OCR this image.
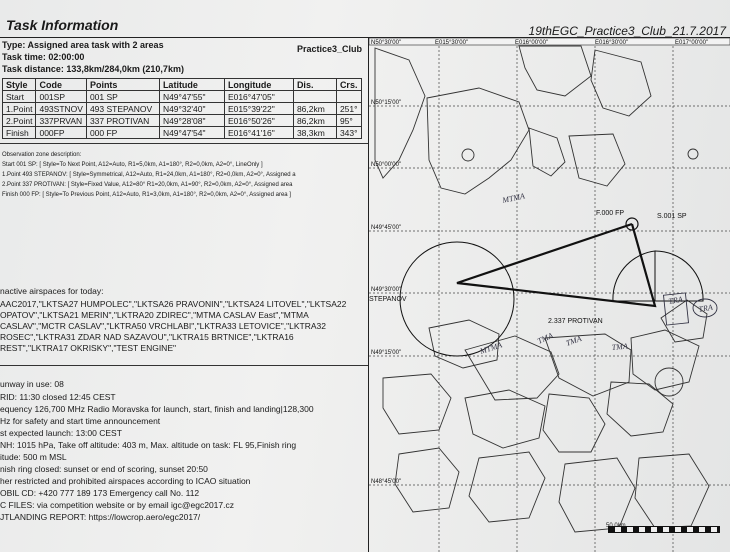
Task Information	19thEGC_Practice3_Club_21.7.2017
Type: Assigned area task with 2 areas	Practice3_Club
Task time: 02:00:00
Task distance: 133,8km/284,0km (210,7km)
Style	Code	Points	Latitude	Longitude	Dis.	Crs.
Start	001SP	001 SP	N49°47'55"	E016°47'05"		
1.Point	493STNOV	493 STEPANOV	N49°32'40"	E015°39'22"	86,2km	251°
2.Point	337PRVAN	337 PROTIVAN	N49°28'08"	E016°50'26"	86,2km	95°
Finish	000FP	000 FP	N49°47'54"	E016°41'16"	38,3km	343°
Observation zone description:
Start 001 SP: [ Style=To Next Point, A12=Auto, R1=5,0km, A1=180°, R2=0,0km, A2=0°, LineOnly ]
1.Point 493 STEPANOV: [ Style=Symmetrical, A12=Auto, R1=24,0km, A1=180°, R2=0,0km, A2=0°, Assigned a
2.Point 337 PROTIVAN: [ Style=Fixed Value, A12=80° R1=20,0km, A1=90°, R2=0,0km, A2=0°, Assigned area
Finish 000 FP: [ Style=To Previous Point, A12=Auto, R1=3,0km, A1=180°, R2=0,0km, A2=0°, Assigned area ]
nactive airspaces for today:
AAC2017,"LKTSA27 HUMPOLEC","LKTSA26 PRAVONIN","LKTSA24 LITOVEL","LKTSA22
OPATOV","LKTSA21 MERIN","LKTRA20 ZDIREC","MTMA CASLAV East","MTMA
CASLAV","MCTR CASLAV","LKTRA50 VRCHLABI","LKTRA33 LETOVICE","LKTRA32
ROSEC","LKTRA31 ZDAR NAD SAZAVOU","LKTRA15 BRTNICE","LKTRA16
REST","LKTRA17 OKRISKY","TEST ENGINE"
unway in use: 08
RID: 11:30 closed 12:45 CEST
equency 126,700 MHz Radio Moravska for launch, start, finish and landing|128,300
Hz for safety and start time announcement
st expected launch: 13:00 CEST
NH: 1015 hPa, Take off altitude: 403 m, Max. altitude on task: FL 95,Finish ring
itude: 500 m MSL
nish ring closed: sunset or end of scoring, sunset 20:50
her restricted and prohibited airspaces according to ICAO situation
OBIL CD: +420 777 189 173 Emergency call No. 112
C FILES: via competition website or by email igc@egc2017.cz
JTLANDING REPORT: https://lowcrop.aero/egc2017/
N50°30'00"	E015°30'00"	E016°00'00"	E016°30'00"	E017°00'00"
N50°15'00"
N50°00'00"
N49°45'00"
N49°30'00"
N49°15'00"
N48°45'00"
F.000 FP	S.001 SP
STEPANOV
2.337 PROTIVAN
MTMA
MTMA
TMA TMA	TMA
TRA
TRA
50,0km
